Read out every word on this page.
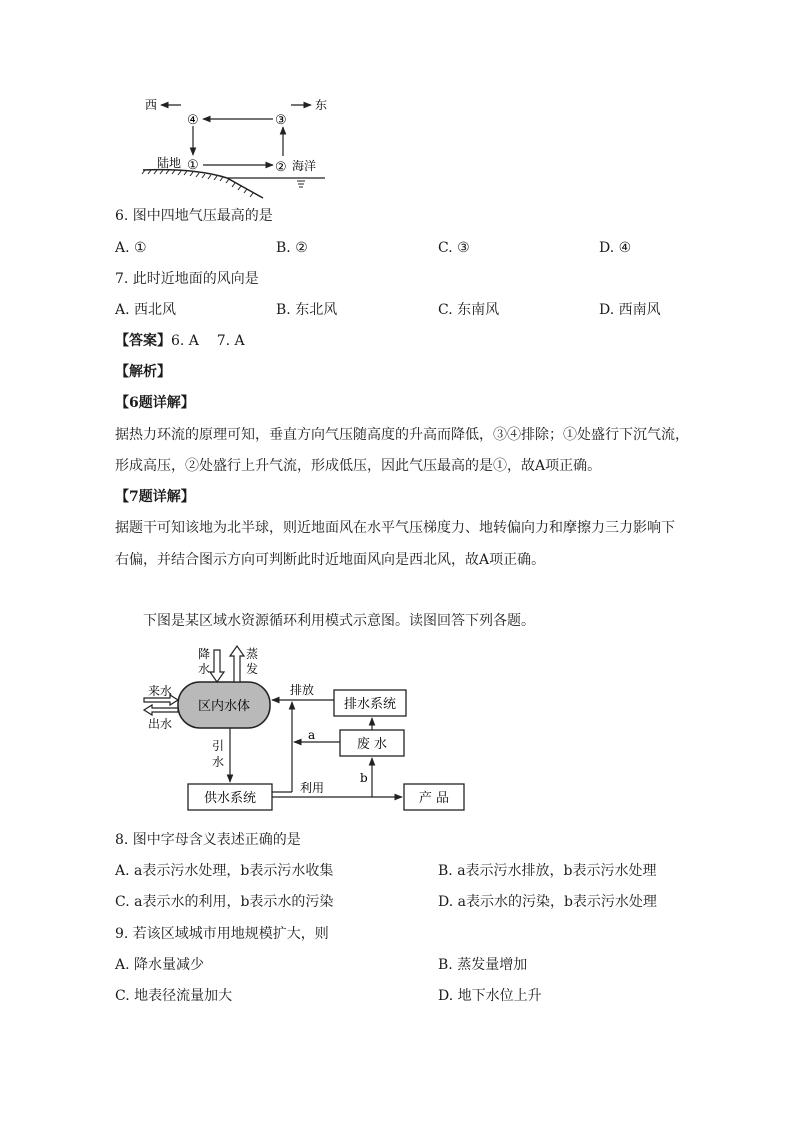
西	东
④	③
①	②
陆地	海洋
6. 图中四地气压最高的是
A. ①	B. ②	C. ③	D. ④
7. 此时近地面的风向是
A. 西北风	B. 东北风	C. 东南风	D. 西南风
【答案】6. A    7. A
【解析】
【6题详解】
据热力环流的原理可知，垂直方向气压随高度的升高而降低，③④排除；①处盛行下沉气流，
形成高压，②处盛行上升气流，形成低压，因此气压最高的是①，故A项正确。
【7题详解】
据题干可知该地为北半球，则近地面风在水平气压梯度力、地转偏向力和摩擦力三力影响下
右偏，并结合图示方向可判断此时近地面风向是西北风，故A项正确。
下图是某区域水资源循环利用模式示意图。读图回答下列各题。
区内水体
降 水
蒸 发
来水
出水
排水系统
排放
废 水
a
引 水
供水系统
利用
b
产 品
8. 图中字母含义表述正确的是
A. a表示污水处理，b表示污水收集	B. a表示污水排放，b表示污水处理
C. a表示水的利用，b表示水的污染	D. a表示水的污染，b表示污水处理
9. 若该区域城市用地规模扩大，则
A. 降水量减少	B. 蒸发量增加
C. 地表径流量加大	D. 地下水位上升
